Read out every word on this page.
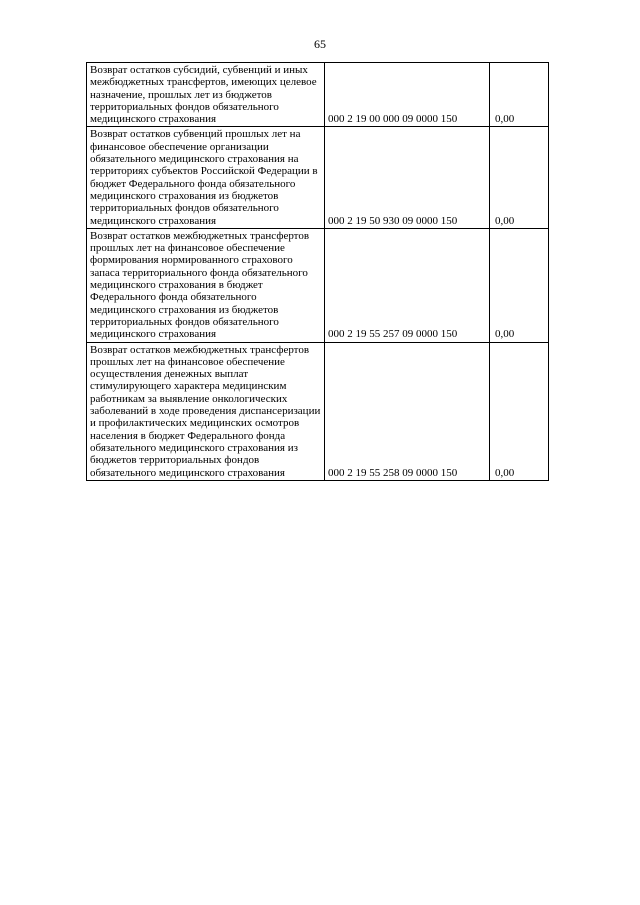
65
Возврат остатков субсидий, субвенций и иных межбюджетных трансфертов, имеющих целевое назначение, прошлых лет из бюджетов территориальных фондов обязательного медицинского страхования	000 2 19 00 000 09 0000 150	0,00
Возврат остатков субвенций прошлых лет на финансовое обеспечение организации обязательного медицинского страхования на территориях субъектов Российской Федерации в бюджет Федерального фонда обязательного медицинского страхования из бюджетов территориальных фондов обязательного медицинского страхования	000 2 19 50 930 09 0000 150	0,00
Возврат остатков межбюджетных трансфертов прошлых лет на финансовое обеспечение формирования нормированного страхового запаса территориального фонда обязательного медицинского страхования в бюджет Федерального фонда обязательного медицинского страхования из бюджетов территориальных фондов обязательного медицинского страхования	000 2 19 55 257 09 0000 150	0,00
Возврат остатков межбюджетных трансфертов прошлых лет на финансовое обеспечение осуществления денежных выплат стимулирующего характера медицинским работникам за выявление онкологических заболеваний в ходе проведения диспансеризации и профилактических медицинских осмотров населения в бюджет Федерального фонда обязательного медицинского страхования из бюджетов территориальных фондов обязательного медицинского страхования	000 2 19 55 258 09 0000 150	0,00
